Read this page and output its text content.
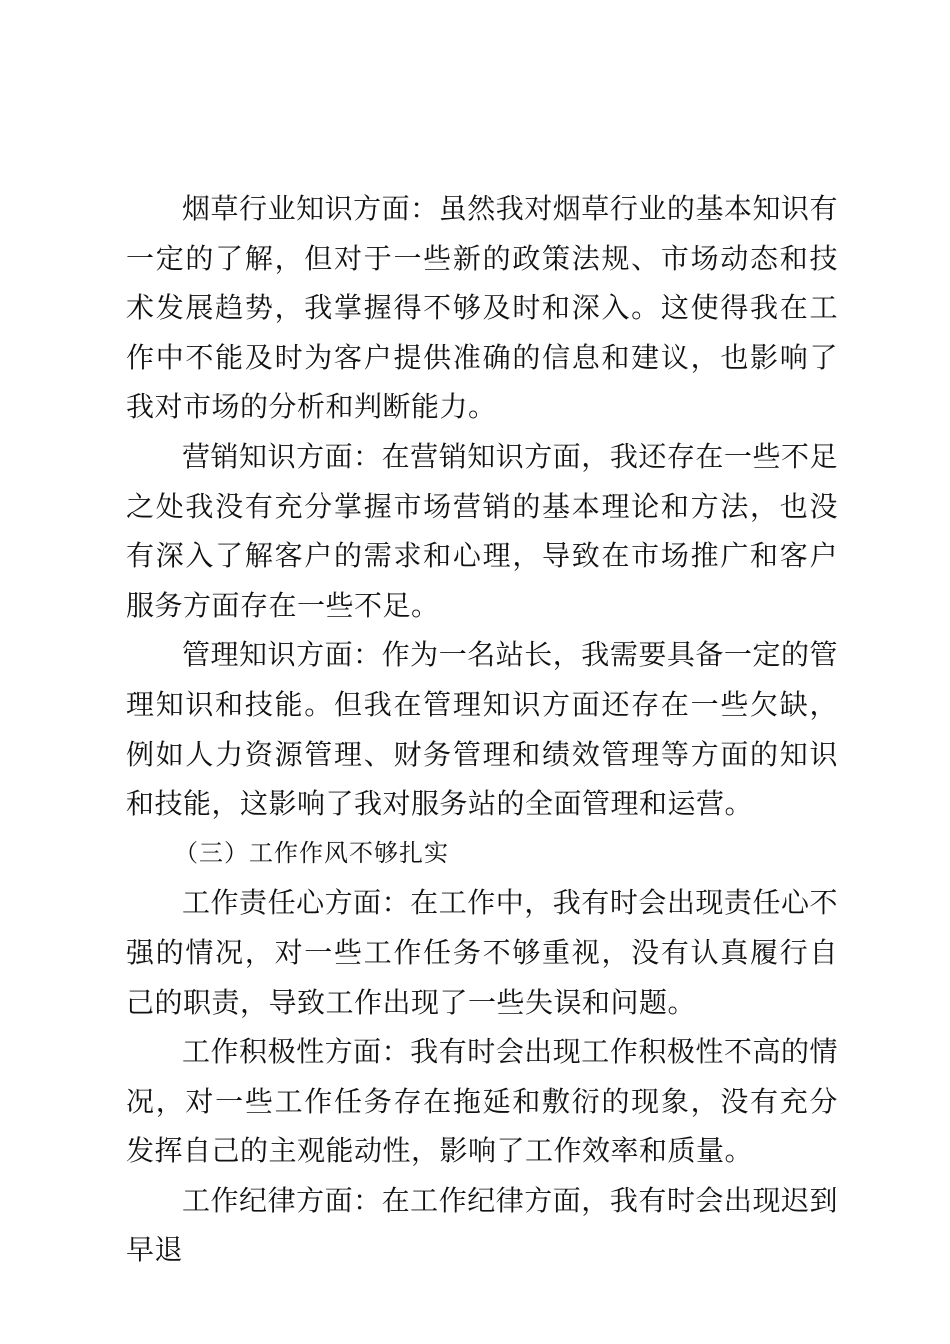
烟草行业知识方面：虽然我对烟草行业的基本知识有一定的了解，但对于一些新的政策法规、市场动态和技术发展趋势，我掌握得不够及时和深入。这使得我在工作中不能及时为客户提供准确的信息和建议，也影响了我对市场的分析和判断能力。

营销知识方面：在营销知识方面，我还存在一些不足之处我没有充分掌握市场营销的基本理论和方法，也没有深入了解客户的需求和心理，导致在市场推广和客户服务方面存在一些不足。

管理知识方面：作为一名站长，我需要具备一定的管理知识和技能。但我在管理知识方面还存在一些欠缺，例如人力资源管理、财务管理和绩效管理等方面的知识和技能，这影响了我对服务站的全面管理和运营。

（三）工作作风不够扎实

工作责任心方面：在工作中，我有时会出现责任心不强的情况，对一些工作任务不够重视，没有认真履行自己的职责，导致工作出现了一些失误和问题。

工作积极性方面：我有时会出现工作积极性不高的情况，对一些工作任务存在拖延和敷衍的现象，没有充分发挥自己的主观能动性，影响了工作效率和质量。

工作纪律方面：在工作纪律方面，我有时会出现迟到早退
